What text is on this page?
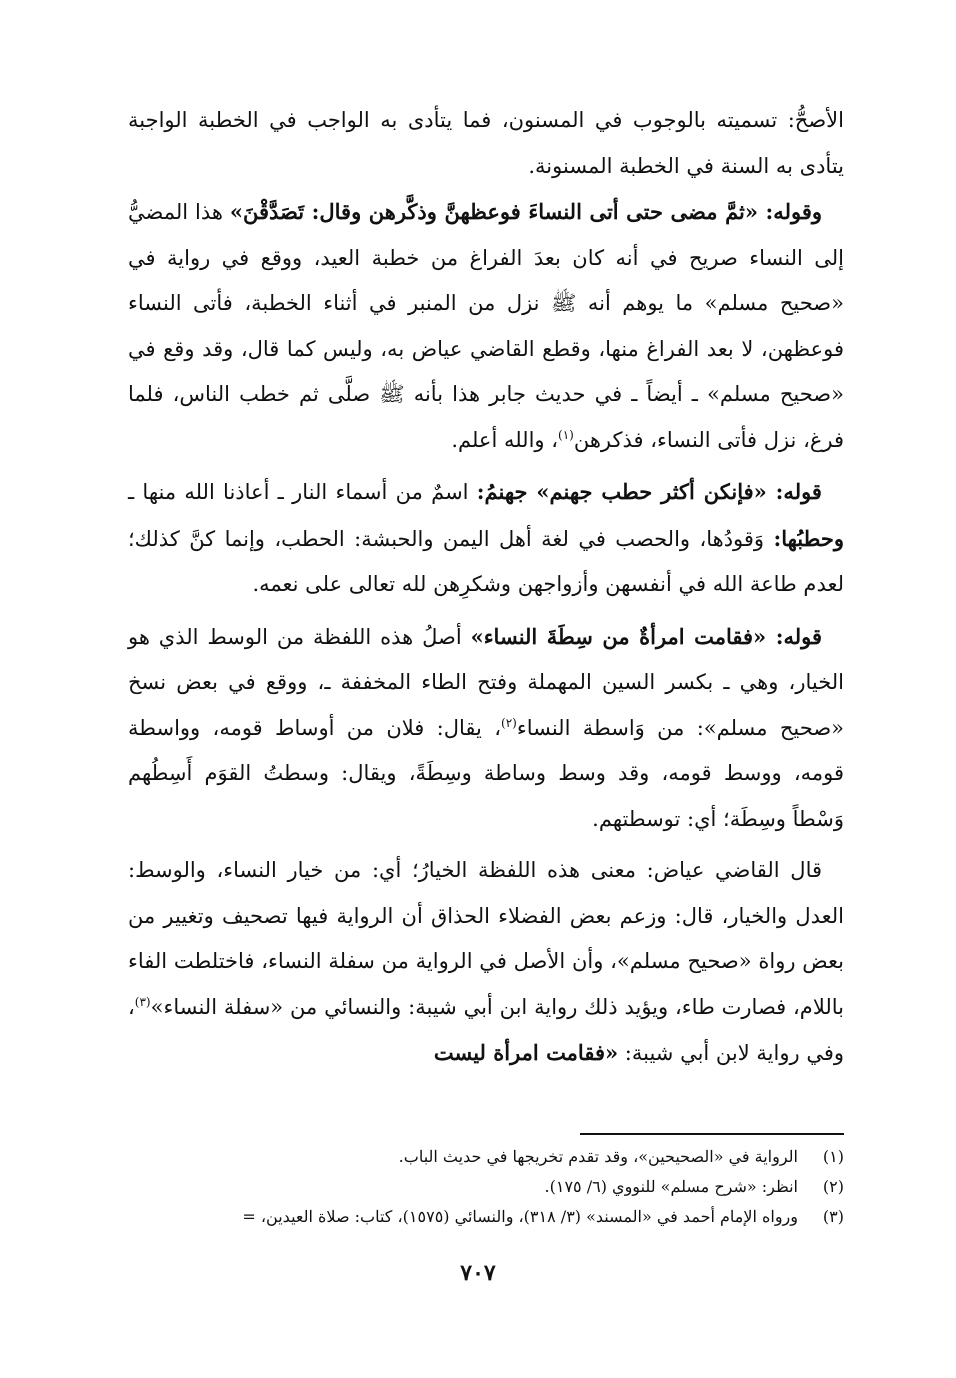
الأصحُّ: تسميته بالوجوب في المسنون، فما يتأدى به الواجب في الخطبة الواجبة يتأدى به السنة في الخطبة المسنونة.

وقوله: «ثمَّ مضى حتى أتى النساءَ فوعظهنَّ وذكَّرهن وقال: تَصَدَّقْنَ» هذا المضيُّ إلى النساء صريح في أنه كان بعدَ الفراغ من خطبة العيد، ووقع في رواية في «صحيح مسلم» ما يوهم أنه ﷺ نزل من المنبر في أثناء الخطبة، فأتى النساء فوعظهن، لا بعد الفراغ منها، وقطع القاضي عياض به، وليس كما قال، وقد وقع في «صحيح مسلم» ـ أيضاً ـ في حديث جابر هذا بأنه ﷺ صلَّى ثم خطب الناس، فلما فرغ، نزل فأتى النساء، فذكرهن$^{(١)}$، والله أعلم.

قوله: «فإنكن أكثر حطب جهنم» جهنمُ: اسمٌ من أسماء النار ـ أعاذنا الله منها ـ وحطبُها: وَقودُها، والحصب في لغة أهل اليمن والحبشة: الحطب، وإنما كنَّ كذلك؛ لعدم طاعة الله في أنفسهن وأزواجهن وشكرِهن لله تعالى على نعمه.

قوله: «فقامت امرأةٌ من سِطَةَ النساء» أصلُ هذه اللفظة من الوسط الذي هو الخيار، وهي ـ بكسر السين المهملة وفتح الطاء المخففة ـ، ووقع في بعض نسخ «صحيح مسلم»: من وَاسطة النساء$^{(٢)}$، يقال: فلان من أوساط قومه، وواسطة قومه، ووسط قومه، وقد وسط وساطة وسِطَةً، ويقال: وسطتُ القوَم أَسِطُهم وَسْطاً وسِطَة؛ أي: توسطتهم.

قال القاضي عياض: معنى هذه اللفظة الخيارُ؛ أي: من خيار النساء، والوسط: العدل والخيار، قال: وزعم بعض الفضلاء الحذاق أن الرواية فيها تصحيف وتغيير من بعض رواة «صحيح مسلم»، وأن الأصل في الرواية من سفلة النساء، فاختلطت الفاء باللام، فصارت طاء، ويؤيد ذلك رواية ابن أبي شيبة: والنسائي من «سفلة النساء»$^{(٣)}$، وفي رواية لابن أبي شيبة: «فقامت امرأة ليست

(١)الرواية في «الصحيحين»، وقد تقدم تخريجها في حديث الباب.
(٢)انظر: «شرح مسلم» للنووي (٦/ ١٧٥).
(٣)ورواه الإمام أحمد في «المسند» (٣/ ٣١٨)، والنسائي (١٥٧٥)، كتاب: صلاة العيدين، =
٧٠٧
